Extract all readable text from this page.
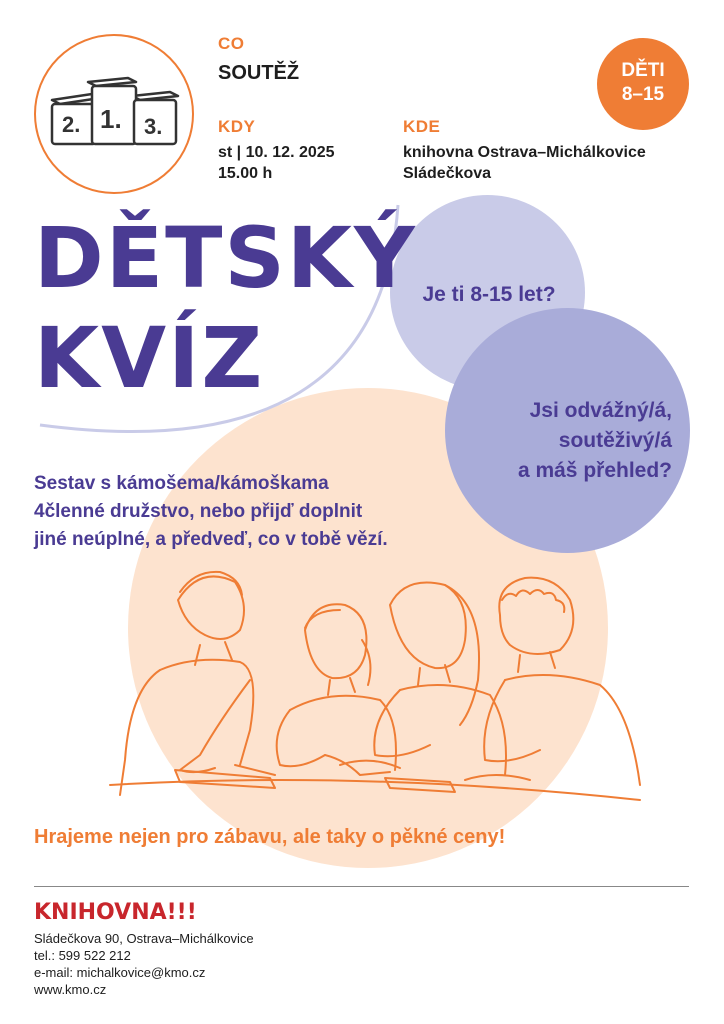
2. 1. 3.
CO
SOUTĚŽ
KDY
st | 10. 12. 2025
15.00 h
KDE
knihovna Ostrava–Michálkovice
Sládečkova
DĚTI
8–15
DĚTSKÝ
KVÍZ
Je ti 8-15 let?
Jsi odvážný/á,
soutěživý/á
a máš přehled?
Sestav s kámošema/kámoškama
4členné družstvo, nebo přijď doplnit
jiné neúplné, a předveď, co v tobě vězí.
Hrajeme nejen pro zábavu, ale taky o pěkné ceny!
KNIHOVNA!!!
Sládečkova 90, Ostrava–Michálkovice
tel.: 599 522 212
e-mail: michalkovice@kmo.cz
www.kmo.cz
